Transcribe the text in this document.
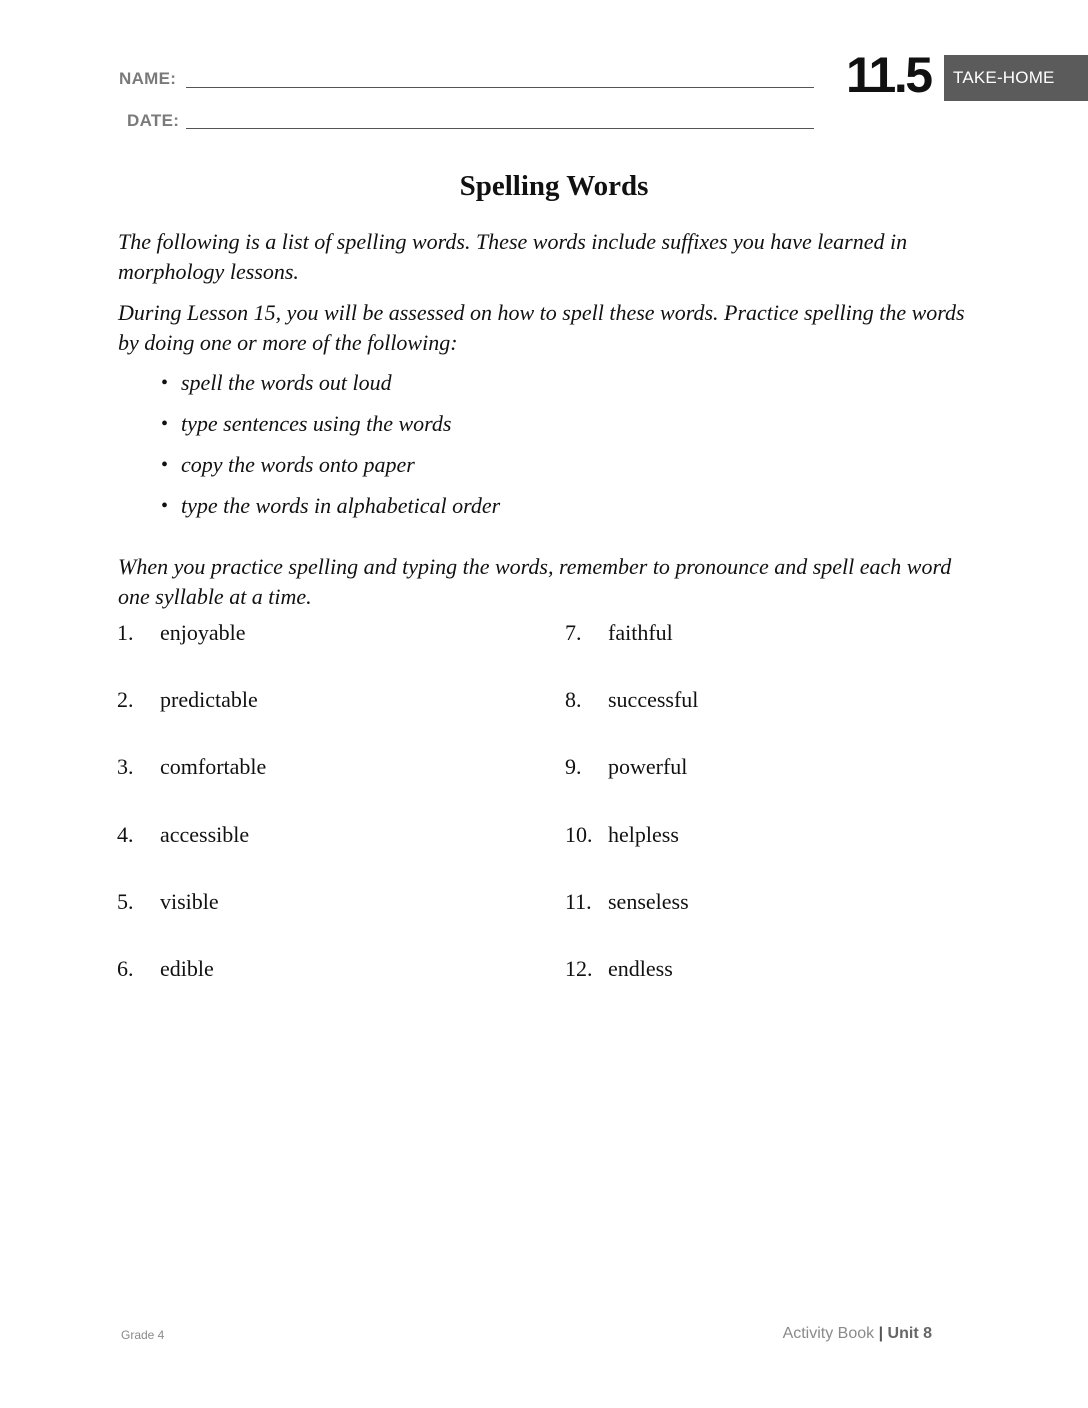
NAME:
DATE:
11.5	TAKE-HOME
Spelling Words
The following is a list of spelling words. These words include suffixes you have learned in morphology lessons.
During Lesson 15, you will be assessed on how to spell these words. Practice spelling the words by doing one or more of the following:
• spell the words out loud
• type sentences using the words
• copy the words onto paper
• type the words in alphabetical order
When you practice spelling and typing the words, remember to pronounce and spell each word one syllable at a time.
1. enjoyable
2. predictable
3. comfortable
4. accessible
5. visible
6. edible
7. faithful
8. successful
9. powerful
10. helpless
11. senseless
12. endless
Grade 4	Activity Book | Unit 8
